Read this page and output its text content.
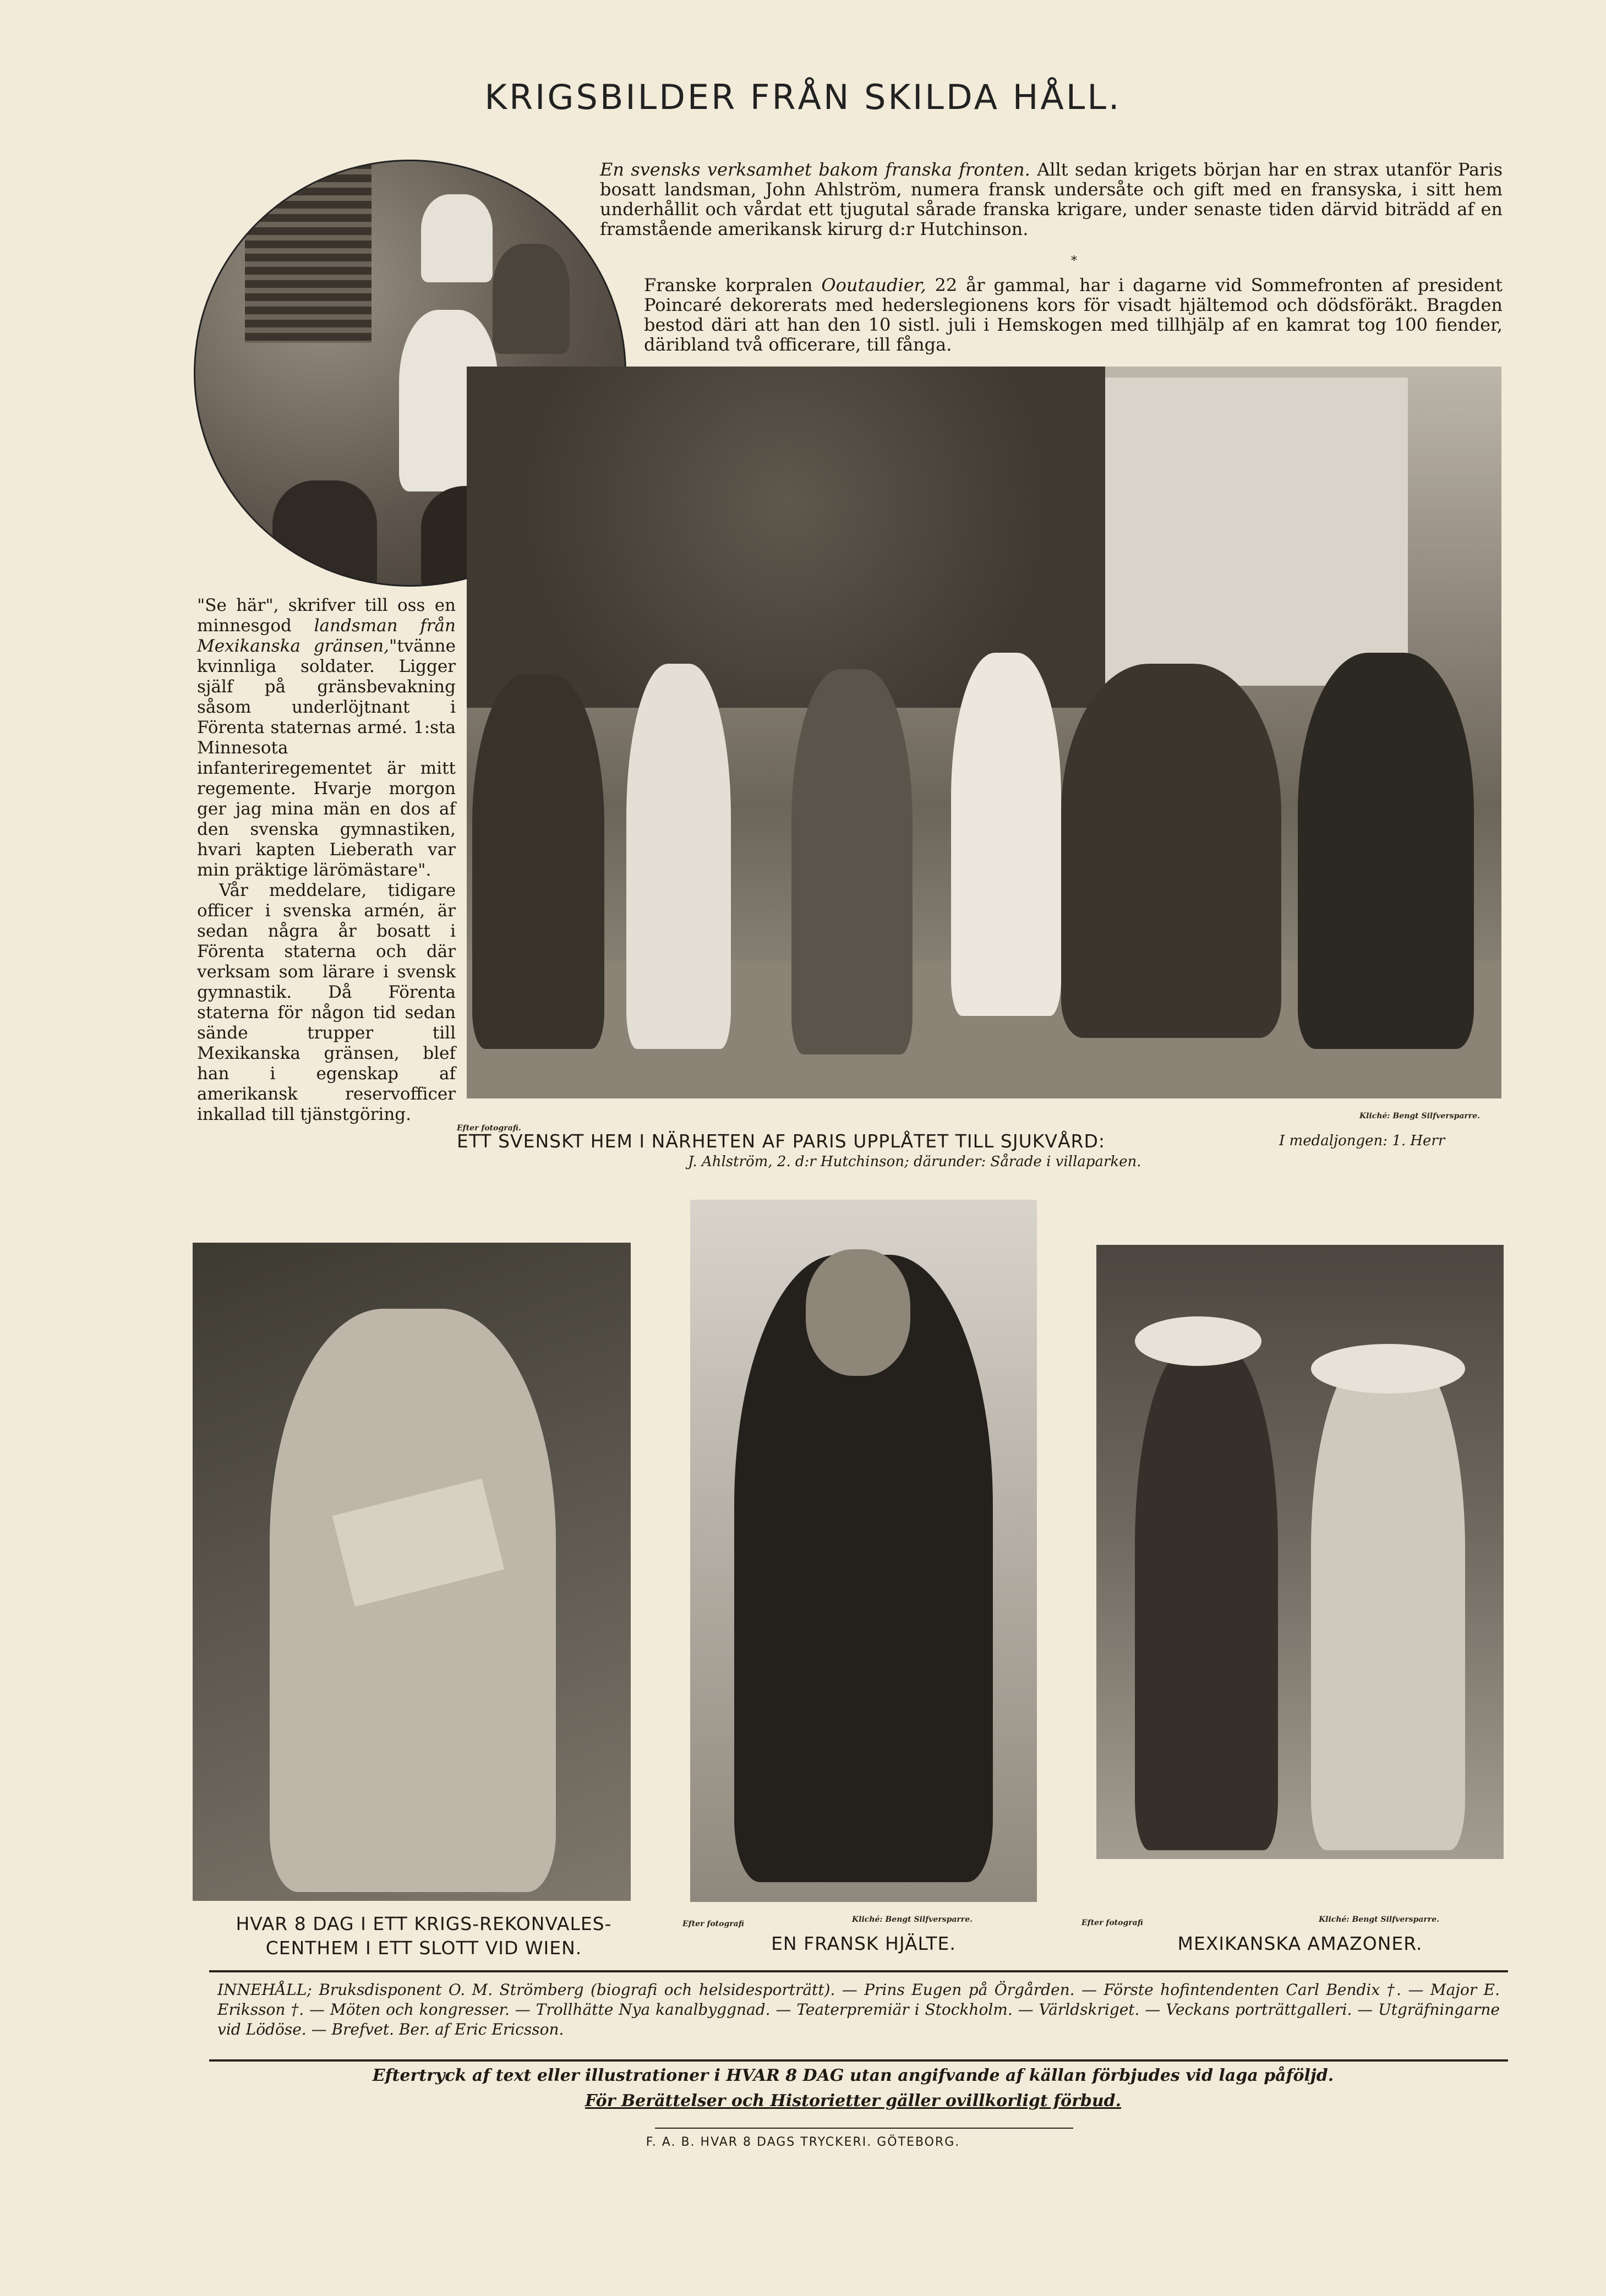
KRIGSBILDER FRÅN SKILDA HÅLL.
En svensks verksamhet bakom franska fronten. Allt sedan krigets början har en strax utanför Paris bosatt landsman, John Ahlström, numera fransk undersåte och gift med en fransyska, i sitt hem underhållit och vårdat ett tjugutal sårade franska krigare, under senaste tiden därvid biträdd af en framstående amerikansk kirurg d:r Hutchinson.
*
Franske korpralen Ooutaudier, 22 år gammal, har i dagarne vid Sommefronten af president Poincaré dekorerats med hederslegionens kors för visadt hjältemod och dödsföräkt. Bragden bestod däri att han den 10 sistl. juli i Hemskogen med tillhjälp af en kamrat tog 100 fiender, däribland två officerare, till fånga.
"Se här", skrifver till oss en minnesgod landsman från Mexikanska gränsen,"tvänne kvinnliga soldater. Ligger själf på gränsbevakning såsom underlöjtnant i Förenta staternas armé. 1:sta Minnesota infanteriregementet är mitt regemente. Hvarje morgon ger jag mina män en dos af den svenska gymnastiken, hvari kapten Lieberath var min präktige lärömästare".
Vår meddelare, tidigare officer i svenska armén, är sedan några år bosatt i Förenta staterna och där verksam som lärare i svensk gymnastik. Då Förenta staterna för någon tid sedan sände trupper till Mexikanska gränsen, blef han i egenskap af amerikansk reservofficer inkallad till tjänstgöring.
Efter fotografi.
Kliché: Bengt Silfversparre.
ETT SVENSKT HEM I NÄRHETEN AF PARIS UPPLÅTET TILL SJUKVÅRD:	I medaljongen: 1. Herr
J. Ahlström, 2. d:r Hutchinson; därunder: Sårade i villaparken.
HVAR 8 DAG I ETT KRIGS-REKONVALES-
CENTHEM I ETT SLOTT VID WIEN.
Efter fotografi	Kliché: Bengt Silfversparre.
EN FRANSK HJÄLTE.
Efter fotografi	Kliché: Bengt Silfversparre.
MEXIKANSKA AMAZONER.
INNEHÅLL; Bruksdisponent O. M. Strömberg (biografi och helsidesporträtt). — Prins Eugen på Örgården. — Förste hofintendenten Carl Bendix †. — Major E. Eriksson †. — Möten och kongresser. — Trollhätte Nya kanalbyggnad. — Teaterpremiär i Stockholm. — Världskriget. — Veckans porträttgalleri. — Utgräfningarne vid Lödöse. — Brefvet. Ber. af Eric Ericsson.
Eftertryck af text eller illustrationer i HVAR 8 DAG utan angifvande af källan förbjudes vid laga påföljd.
För Berättelser och Historietter gäller ovillkorligt förbud.
F. A. B. HVAR 8 DAGS TRYCKERI. GÖTEBORG.
